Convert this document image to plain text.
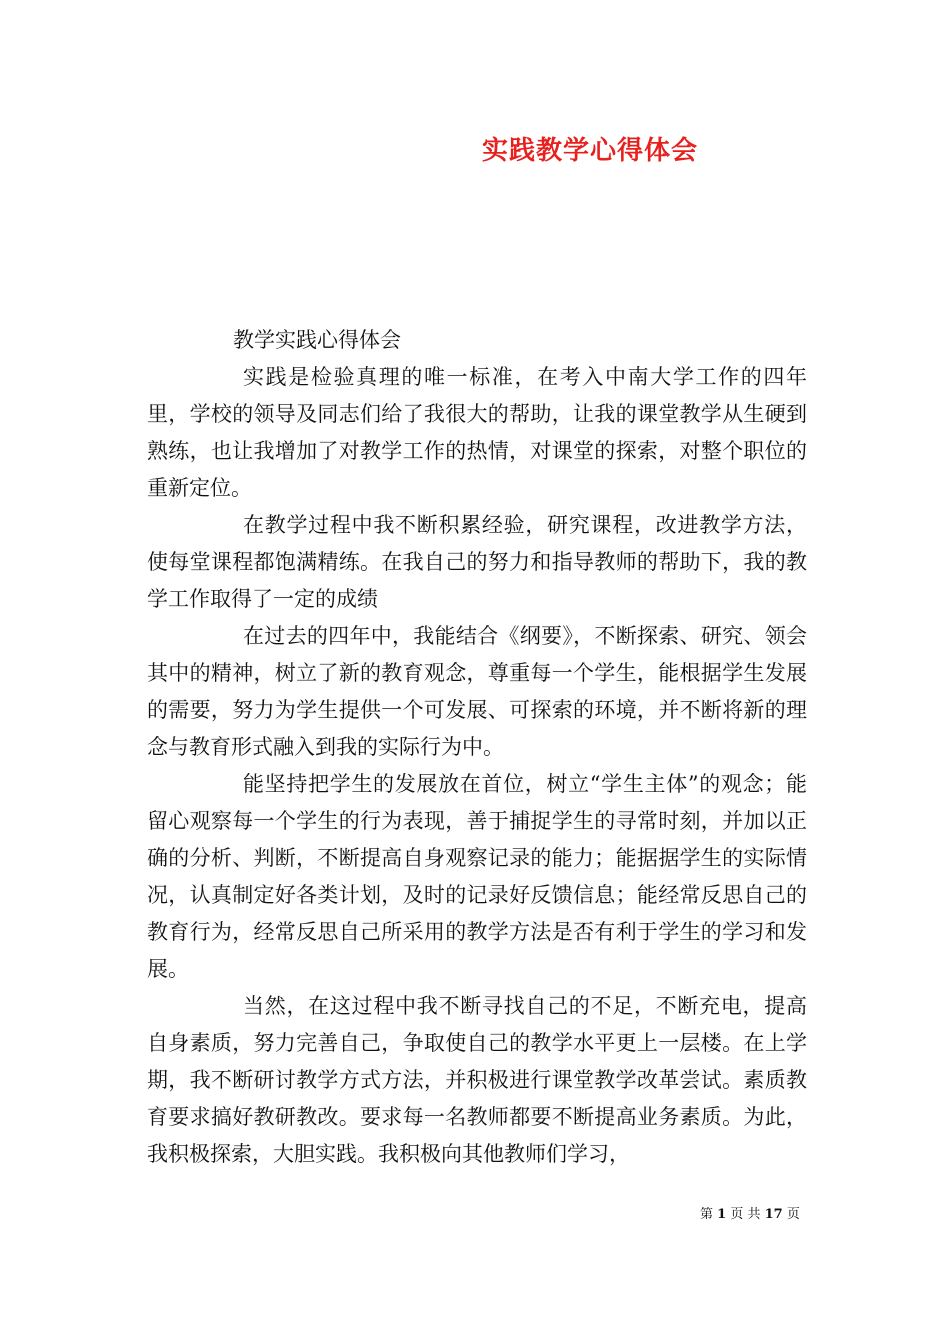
实践教学心得体会
教学实践心得体会

实践是检验真理的唯一标准，在考入中南大学工作的四年里，学校的领导及同志们给了我很大的帮助，让我的课堂教学从生硬到熟练，也让我增加了对教学工作的热情，对课堂的探索，对整个职位的重新定位。

在教学过程中我不断积累经验，研究课程，改进教学方法，使每堂课程都饱满精练。在我自己的努力和指导教师的帮助下，我的教学工作取得了一定的成绩

在过去的四年中，我能结合《纲要》，不断探索、研究、领会其中的精神，树立了新的教育观念，尊重每一个学生，能根据学生发展的需要，努力为学生提供一个可发展、可探索的环境，并不断将新的理念与教育形式融入到我的实际行为中。

能坚持把学生的发展放在首位，树立“学生主体”的观念；能留心观察每一个学生的行为表现，善于捕捉学生的寻常时刻，并加以正确的分析、判断，不断提高自身观察记录的能力；能据据学生的实际情况，认真制定好各类计划，及时的记录好反馈信息；能经常反思自己的教育行为，经常反思自己所采用的教学方法是否有利于学生的学习和发展。

当然，在这过程中我不断寻找自己的不足，不断充电，提高自身素质，努力完善自己，争取使自己的教学水平更上一层楼。在上学期，我不断研讨教学方式方法，并积极进行课堂教学改革尝试。素质教育要求搞好教研教改。要求每一名教师都要不断提高业务素质。为此，我积极探索，大胆实践。我积极向其他教师们学习，

第 1 页 共 17 页
